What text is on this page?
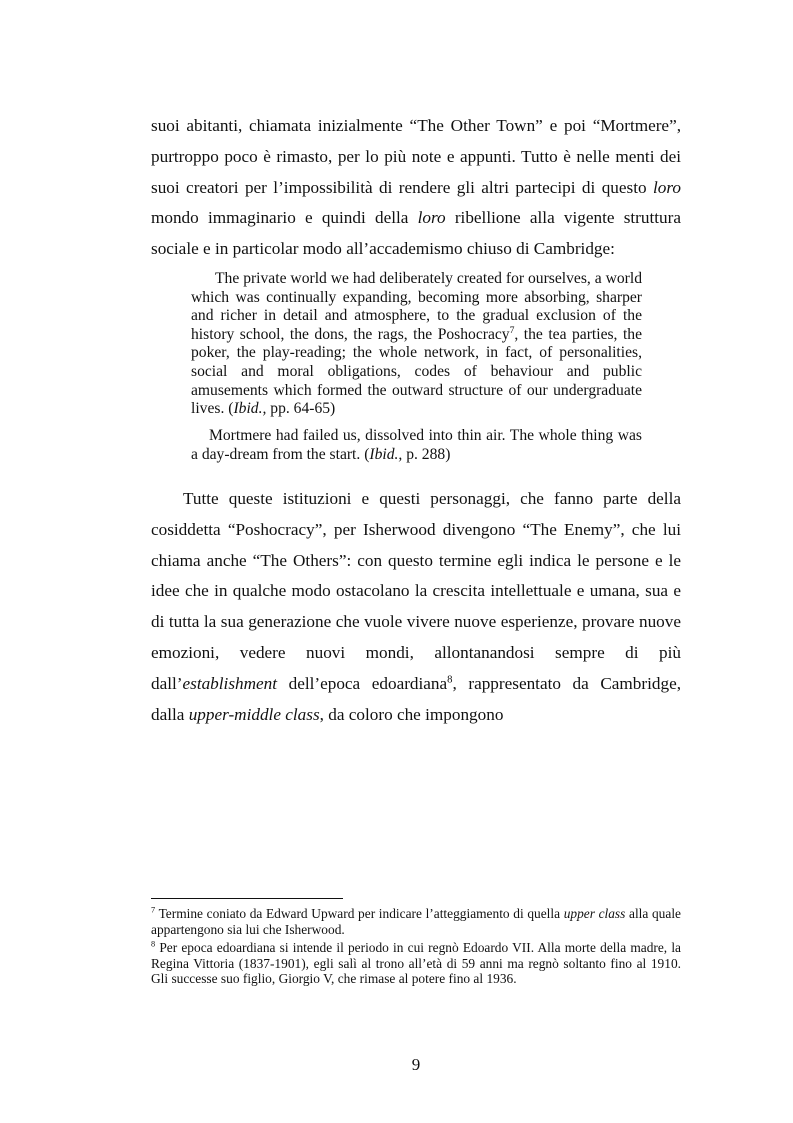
suoi abitanti, chiamata inizialmente “The Other Town” e poi “Mortmere”, purtroppo poco è rimasto, per lo più note e appunti. Tutto è nelle menti dei suoi creatori per l’impossibilità di rendere gli altri partecipi di questo loro mondo immaginario e quindi della loro ribellione alla vigente struttura sociale e in particolar modo all’accademismo chiuso di Cambridge:

The private world we had deliberately created for ourselves, a world which was continually expanding, becoming more absorbing, sharper and richer in detail and atmosphere, to the gradual exclusion of the history school, the dons, the rags, the Poshocracy$^7$, the tea parties, the poker, the play-reading; the whole network, in fact, of personalities, social and moral obligations, codes of behaviour and public amusements which formed the outward structure of our undergraduate lives. (Ibid., pp. 64-65)

Mortmere had failed us, dissolved into thin air. The whole thing was a day-dream from the start. (Ibid., p. 288)

Tutte queste istituzioni e questi personaggi, che fanno parte della cosiddetta “Poshocracy”, per Isherwood divengono “The Enemy”, che lui chiama anche “The Others”: con questo termine egli indica le persone e le idee che in qualche modo ostacolano la crescita intellettuale e umana, sua e di tutta la sua generazione che vuole vivere nuove esperienze, provare nuove emozioni, vedere nuovi mondi, allontanandosi sempre di più dall’establishment dell’epoca edoardiana$^8$, rappresentato da Cambridge, dalla upper-middle class, da coloro che impongono

$^7$ Termine coniato da Edward Upward per indicare l’atteggiamento di quella upper class alla quale appartengono sia lui che Isherwood.

$^8$ Per epoca edoardiana si intende il periodo in cui regnò Edoardo VII. Alla morte della madre, la Regina Vittoria (1837-1901), egli salì al trono all’età di 59 anni ma regnò soltanto fino al 1910. Gli successe suo figlio, Giorgio V, che rimase al potere fino al 1936.

9
